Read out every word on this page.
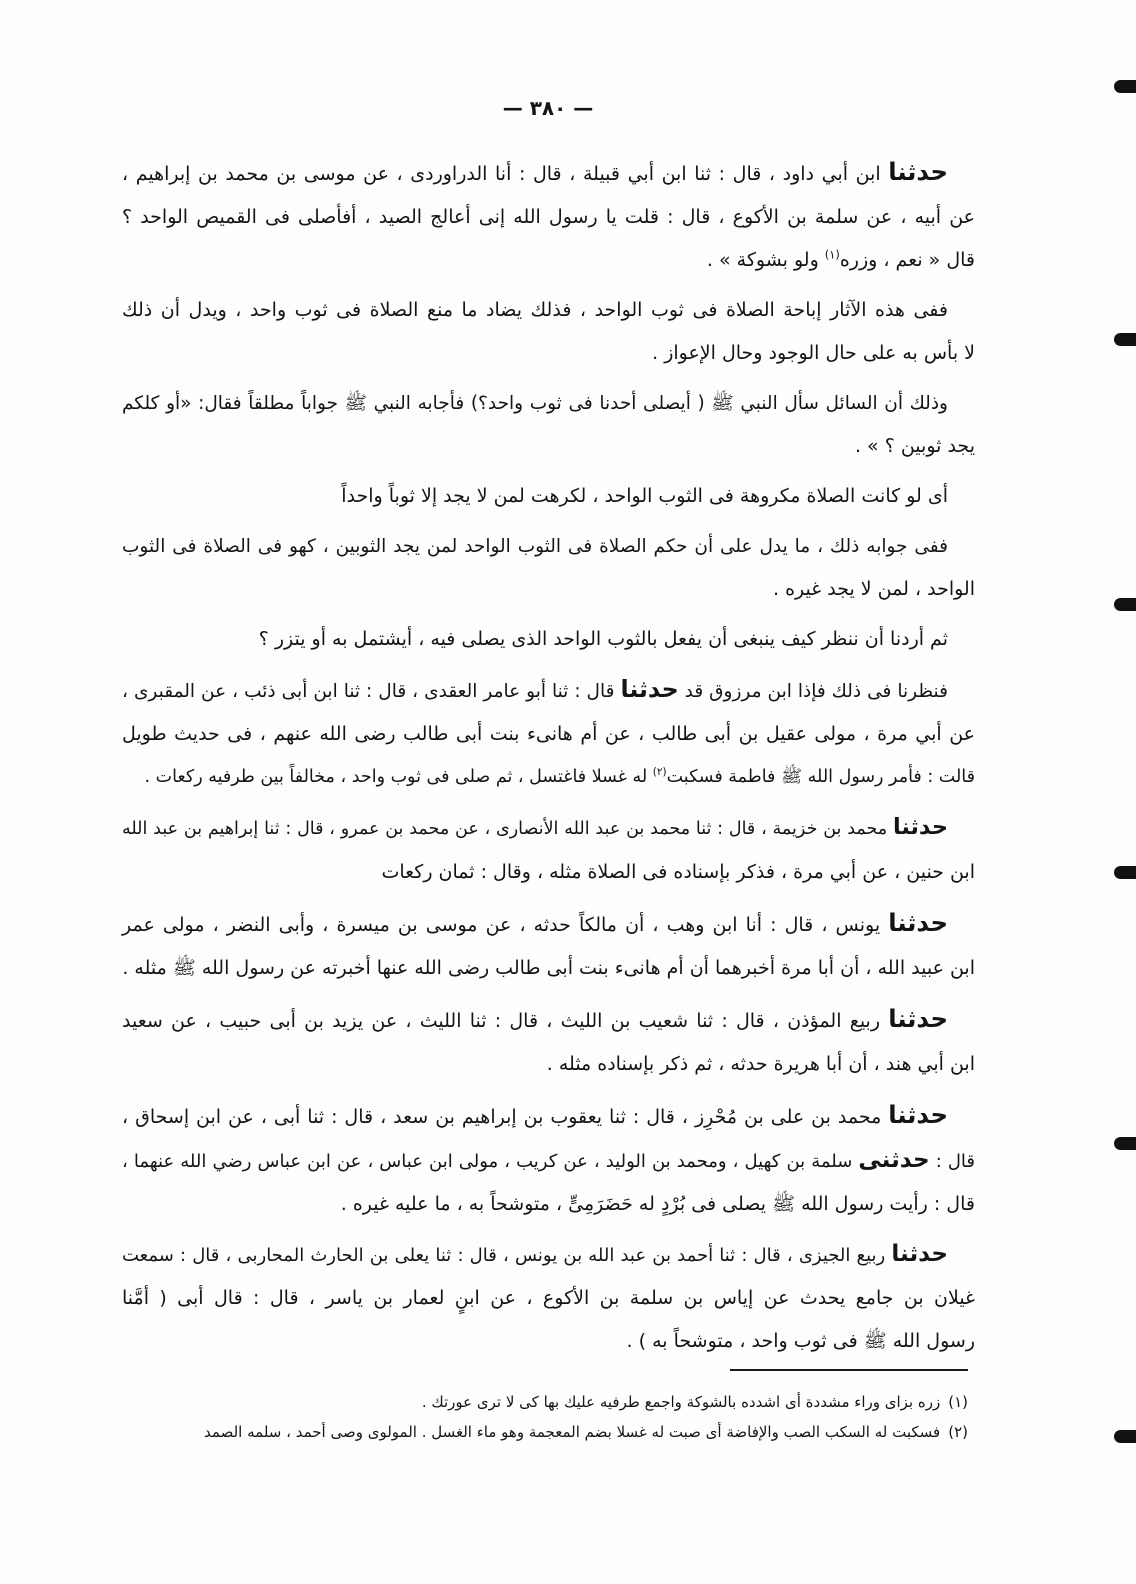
— ٣٨٠ —
حدثنا ابن أبي داود ، قال : ثنا ابن أبي قبيلة ، قال : أنا الدراوردى ، عن موسى بن محمد بن إبراهيم ،
عن أبيه ، عن سلمة بن الأكوع ، قال : قلت يا رسول الله إنى أعالج الصيد ، أفأصلى فى القميص الواحد ؟
قال « نعم ، وزره$^{(١)}$ ولو بشوكة » .
ففى هذه الآثار إباحة الصلاة فى ثوب الواحد ، فذلك يضاد ما منع الصلاة فى ثوب واحد ، ويدل أن ذلك
لا بأس به على حال الوجود وحال الإعواز .
وذلك أن السائل سأل النبي ﷺ ( أيصلى أحدنا فى ثوب واحد؟) فأجابه النبي ﷺ جواباً مطلقاً فقال: «أو كلكم
يجد ثوبين ؟ » .
أى لو كانت الصلاة مكروهة فى الثوب الواحد ، لكرهت لمن لا يجد إلا ثوباً واحداً
ففى جوابه ذلك ، ما يدل على أن حكم الصلاة فى الثوب الواحد لمن يجد الثوبين ، كهو فى الصلاة فى الثوب
الواحد ، لمن لا يجد غيره .
ثم أردنا أن ننظر كيف ينبغى أن يفعل بالثوب الواحد الذى يصلى فيه ، أيشتمل به أو يتزر ؟
فنظرنا فى ذلك فإذا ابن مرزوق قد حدثنا قال : ثنا أبو عامر العقدى ، قال : ثنا ابن أبى ذئب ، عن المقبرى ،
عن أبي مرة ، مولى عقيل بن أبى طالب ، عن أم هانىء بنت أبى طالب رضى الله عنهم ، فى حديث طويل
قالت : فأمر رسول الله ﷺ فاطمة فسكبت$^{(٢)}$ له غسلا فاغتسل ، ثم صلى فى ثوب واحد ، مخالفاً بين طرفيه ركعات .
حدثنا محمد بن خزيمة ، قال : ثنا محمد بن عبد الله الأنصارى ، عن محمد بن عمرو ، قال : ثنا إبراهيم بن عبد الله
ابن حنين ، عن أبي مرة ، فذكر بإسناده فى الصلاة مثله ، وقال : ثمان ركعات
حدثنا يونس ، قال : أنا ابن وهب ، أن مالكاً حدثه ، عن موسى بن ميسرة ، وأبى النضر ، مولى عمر
ابن عبيد الله ، أن أبا مرة أخبرهما أن أم هانىء بنت أبى طالب رضى الله عنها أخبرته عن رسول الله ﷺ مثله .
حدثنا ربيع المؤذن ، قال : ثنا شعيب بن الليث ، قال : ثنا الليث ، عن يزيد بن أبى حبيب ، عن سعيد
ابن أبي هند ، أن أبا هريرة حدثه ، ثم ذكر بإسناده مثله .
حدثنا محمد بن على بن مُحْرِز ، قال : ثنا يعقوب بن إبراهيم بن سعد ، قال : ثنا أبى ، عن ابن إسحاق ،
قال : حدثنى سلمة بن كهيل ، ومحمد بن الوليد ، عن كريب ، مولى ابن عباس ، عن ابن عباس رضي الله عنهما ،
قال : رأيت رسول الله ﷺ يصلى فى بُرْدٍ له حَضَرَمِىٍّ ، متوشحاً به ، ما عليه غيره .
حدثنا ربيع الجيزى ، قال : ثنا أحمد بن عبد الله بن يونس ، قال : ثنا يعلى بن الحارث المحاربى ، قال : سمعت
غيلان بن جامع يحدث عن إياس بن سلمة بن الأكوع ، عن ابنٍ لعمار بن ياسر ، قال : قال أبى ( أمَّنا
رسول الله ﷺ فى ثوب واحد ، متوشحاً به ) .
(١)زره بزاى وراء مشددة أى اشدده بالشوكة واجمع طرفيه عليك بها كى لا ترى عورتك .
(٢)فسكبت له السكب الصب والإفاضة أى صبت له غسلا بضم المعجمة وهو ماء الغسل . المولوى وصى أحمد ، سلمه الصمد
